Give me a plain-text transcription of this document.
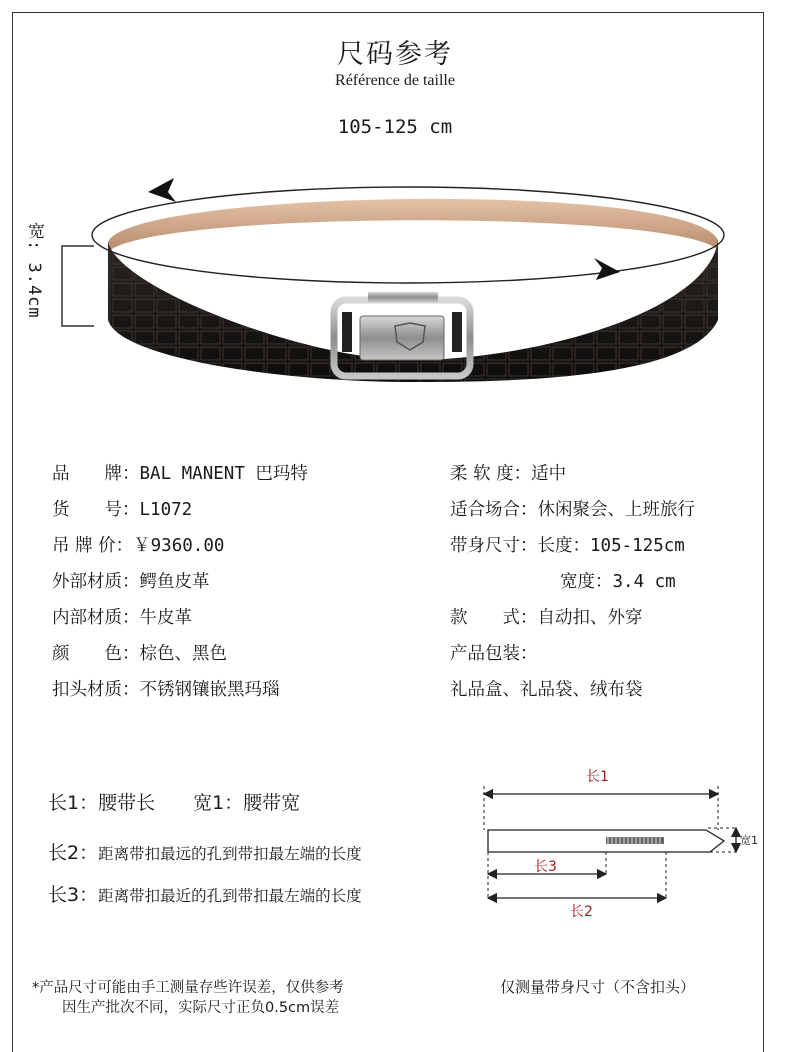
尺码参考
Référence de taille
105-125 cm
宽: 3.4cm
品　　牌：BAL MANENT 巴玛特
货　　号：L1072
吊 牌 价：￥9360.00
外部材质：鳄鱼皮革
内部材质：牛皮革
颜　　色：棕色、黑色
扣头材质：不锈钢镶嵌黑玛瑙
柔 软 度：适中
适合场合：休闲聚会、上班旅行
带身尺寸：长度：105-125cm
宽度：3.4 cm
款　　式：自动扣、外穿
产品包装：
礼品盒、礼品袋、绒布袋
长1：腰带长　　宽1：腰带宽
长2：距离带扣最远的孔到带扣最左端的长度
长3：距离带扣最近的孔到带扣最左端的长度
长1
宽1
长3
长2
*产品尺寸可能由手工测量存些许误差，仅供参考
因生产批次不同，实际尺寸正负0.5cm误差
仅测量带身尺寸（不含扣头）
